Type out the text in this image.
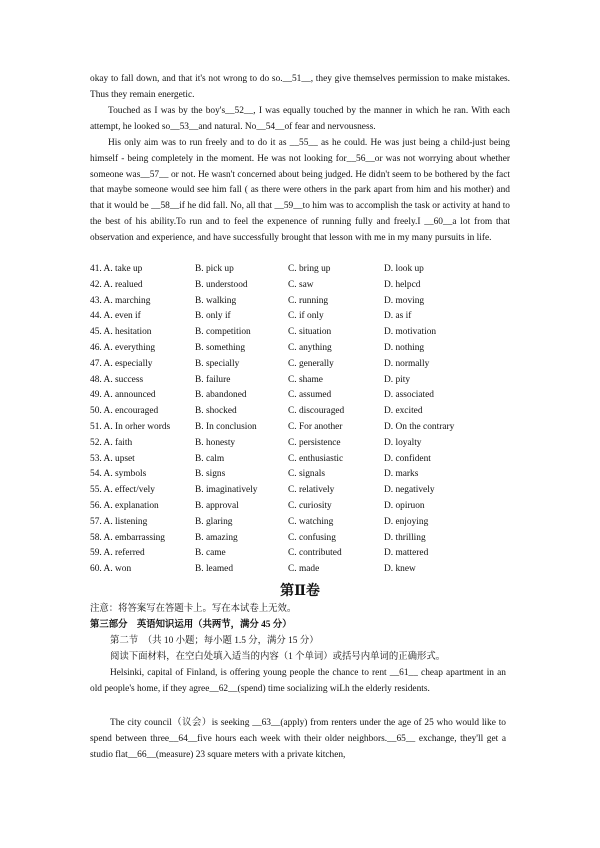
okay to fall down, and that it's not wrong to do so.__51__, they give themselves permission to make mistakes. Thus they remain energetic.

Touched as I was by the boy's__52__, I was equally touched by the manner in which he ran. With each attempt, he looked so__53__and natural. No__54__of fear and nervousness.

His only aim was to run freely and to do it as __55__ as he could. He was just being a child-just being himself - being completely in the moment. He was not looking for__56__or was not worrying about whether someone was__57__ or not. He wasn't concerned about being judged. He didn't seem to be bothered by the fact that maybe someone would see him fall ( as there were others in the park apart from him and his mother) and that it would be __58__if he did fall. No, all that __59__to him was to accomplish the task or activity at hand to the best of his ability.To run and to feel the expenence of running fully and freely.I __60__a lot from that observation and experience, and have successfully brought that lesson with me in my many pursuits in life.

41. A. take up	B. pick up	C. bring up	D. look up
42. A. realued	B. understood	C. saw	D. helpcd
43. A. marching	B. walking	C. running	D. moving
44. A. even if	B. only if	C. if only	D. as if
45. A. hesitation	B. competition	C. situation	D. motivation
46. A. everything	B. something	C. anything	D. nothing
47. A. especially	B. specially	C. generally	D. normally
48. A. success	B. failure	C. shame	D. pity
49. A. announced	B. abandoned	C. assumed	D. associated
50. A. encouraged	B. shocked	C. discouraged	D. excited
51. A. In orher words	B. In conclusion	C. For another	D. On the contrary
52. A. faith	B. honesty	C. persistence	D. loyalty
53. A. upset	B. calm	C. enthusiastic	D. confident
54. A. symbols	B. signs	C. signals	D. marks
55. A. effect/vely	B. imaginatively	C. relatively	D. negatively
56. A. explanation	B. approval	C. curiosity	D. opiruon
57. A. listening	B. glaring	C. watching	D. enjoying
58. A. embarrassing	B. amazing	C. confusing	D. thrilling
59. A. referred	B. came	C. contributed	D. mattered
60. A. won	B. leamed	C. made	D. knew
第Ⅱ卷

注意：将答案写在答题卡上。写在本试卷上无效。

第三部分　英语知识运用（共两节，满分 45 分）

第二节　（共 10 小题；每小题 1.5 分，满分 15 分）

阅读下面材料，在空白处填入适当的内容（1 个单词）或括号内单词的正确形式。

Helsinki, capital of Finland, is offering young people the chance to rent __61__ cheap apartment in an old people's home, if they agree__62__(spend) time socializing wiLh the elderly residents.

The city council（议会）is seeking __63__(apply) from renters under the age of 25 who would like to spend between three__64__five hours each week with their older neighbors.__65__ exchange, they'll get a studio flat__66__(measure) 23 square meters with a private kitchen,
